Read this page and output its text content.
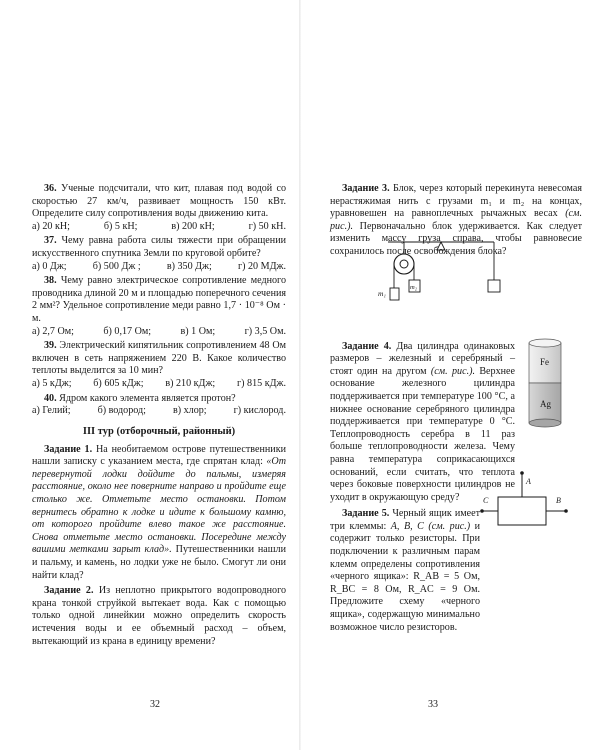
36. Ученые подсчитали, что кит, плавая под водой со скоростью 27 км/ч, развивает мощность 150 кВт. Определите силу сопротивления воды движению кита.

а) 20 кН;	б) 5 кН;	в) 200 кН;	г) 50 кН.

37. Чему равна работа силы тяжести при обращении искусственного спутника Земли по круговой орбите?

а) 0 Дж;	б) 500 Дж ;	в) 350 Дж;	г) 20 МДж.

38. Чему равно электрическое сопротивление медного проводника длиной 20 м и площадью поперечного сечения 2 мм²? Удельное сопротивление меди равно 1,7 · 10⁻⁸ Ом · м.

а) 2,7 Ом;	б) 0,17 Ом;	в) 1 Ом;	г) 3,5 Ом.

39. Электрический кипятильник сопротивлением 48 Ом включен в сеть напряжением 220 В. Какое количество теплоты выделится за 10 мин?

а) 5 кДж; б) 605 кДж; в) 210 кДж; г) 815 кДж.

40. Ядром какого элемента является протон?

а) Гелий;	б) водород;	в) хлор;	г) кислород.
III тур (отборочный, районный)

Задание 1. На необитаемом острове путешественники нашли записку с указанием места, где спрятан клад: «От перевернутой лодки дойдите до пальмы, измеряя расстояние, около нее поверните направо и пройдите еще столько же. Отметьте место остановки. Потом вернитесь обратно к лодке и идите к большому камню, от которого пройдите влево такое же расстояние. Снова отметьте место остановки. Посередине между вашими метками зарыт клад». Путешественники нашли и пальму, и камень, но лодки уже не было. Смогут ли они найти клад?

Задание 2. Из неплотно прикрытого водопроводного крана тонкой струйкой вытекает вода. Как с помощью только одной линейкии можно определить скорость истечения воды и ее объемный расход – объем, вытекающий из крана в единицу времени?

32

Задание 3. Блок, через который перекинута невесомая нерастяжимая нить с грузами m₁ и m₂ на концах, уравновешен на равноплечных рычажных весах (см. рис.). Первоначально блок удерживается. Как следует изменить массу груза справа, чтобы равновесие сохранилось после освобождения блока?

m₁
m₂

Задание 4. Два цилиндра одинаковых размеров – железный и серебряный – стоят один на другом (см. рис.). Верхнее основание железного цилиндра поддерживается при температуре 100 °С, а нижнее основание серебряного цилиндра поддерживается при температуре 0 °С. Теплопроводность серебра в 11 раз больше теплопроводности железа. Чему равна температура соприкасающихся оснований, если считать, что теплота через боковые поверхности цилиндров не уходит в окружающую среду?

Fe
Ag

Задание 5. Черный ящик имеет три клеммы: A, B, C (см. рис.) и содержит только резисторы. При подключении к различным парам клемм определены сопротивления «черного ящика»: R_AB = 5 Ом, R_BC = 8 Ом, R_AC = 9 Ом. Предложите схему «черного ящика», содержащую минимально возможное число резисторов.

A
C	B
33
